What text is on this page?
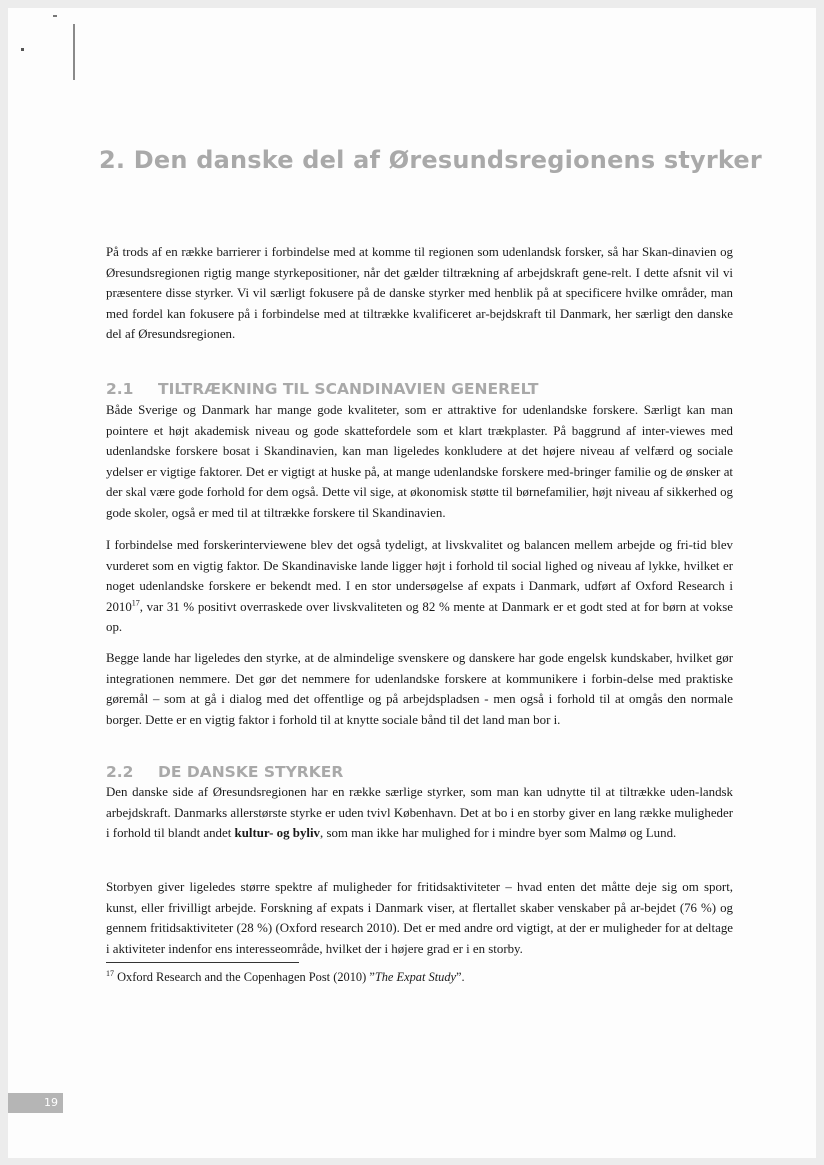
2. Den danske del af Øresundsregionens styrker

På trods af en række barrierer i forbindelse med at komme til regionen som udenlandsk forsker, så har Skan-dinavien og Øresundsregionen rigtig mange styrkepositioner, når det gælder tiltrækning af arbejdskraft gene-relt. I dette afsnit vil vi præsentere disse styrker. Vi vil særligt fokusere på de danske styrker med henblik på at specificere hvilke områder, man med fordel kan fokusere på i forbindelse med at tiltrække kvalificeret ar-bejdskraft til Danmark, her særligt den danske del af Øresundsregionen.

2.1 TILTRÆKNING TIL SCANDINAVIEN GENERELT

Både Sverige og Danmark har mange gode kvaliteter, som er attraktive for udenlandske forskere. Særligt kan man pointere et højt akademisk niveau og gode skattefordele som et klart trækplaster. På baggrund af inter-viewes med udenlandske forskere bosat i Skandinavien, kan man ligeledes konkludere at det højere niveau af velfærd og sociale ydelser er vigtige faktorer. Det er vigtigt at huske på, at mange udenlandske forskere med-bringer familie og de ønsker at der skal være gode forhold for dem også. Dette vil sige, at økonomisk støtte til børnefamilier, højt niveau af sikkerhed og gode skoler, også er med til at tiltrække forskere til Skandinavien.

I forbindelse med forskerinterviewene blev det også tydeligt, at livskvalitet og balancen mellem arbejde og fri-tid blev vurderet som en vigtig faktor. De Skandinaviske lande ligger højt i forhold til social lighed og niveau af lykke, hvilket er noget udenlandske forskere er bekendt med. I en stor undersøgelse af expats i Danmark, udført af Oxford Research i 2010$^{17}$, var 31 % positivt overraskede over livskvaliteten og 82 % mente at Danmark er et godt sted at for børn at vokse op.

Begge lande har ligeledes den styrke, at de almindelige svenskere og danskere har gode engelsk kundskaber, hvilket gør integrationen nemmere. Det gør det nemmere for udenlandske forskere at kommunikere i forbin-delse med praktiske gøremål – som at gå i dialog med det offentlige og på arbejdspladsen - men også i forhold til at omgås den normale borger. Dette er en vigtig faktor i forhold til at knytte sociale bånd til det land man bor i.

2.2 DE DANSKE STYRKER

Den danske side af Øresundsregionen har en række særlige styrker, som man kan udnytte til at tiltrække uden-landsk arbejdskraft. Danmarks allerstørste styrke er uden tvivl København. Det at bo i en storby giver en lang række muligheder i forhold til blandt andet kultur- og byliv, som man ikke har mulighed for i mindre byer som Malmø og Lund.

Storbyen giver ligeledes større spektre af muligheder for fritidsaktiviteter – hvad enten det måtte deje sig om sport, kunst, eller frivilligt arbejde. Forskning af expats i Danmark viser, at flertallet skaber venskaber på ar-bejdet (76 %) og gennem fritidsaktiviteter (28 %) (Oxford research 2010). Det er med andre ord vigtigt, at der er muligheder for at deltage i aktiviteter indenfor ens interesseområde, hvilket der i højere grad er i en storby.

$^{17}$ Oxford Research and the Copenhagen Post (2010) ”The Expat Study”.

19
